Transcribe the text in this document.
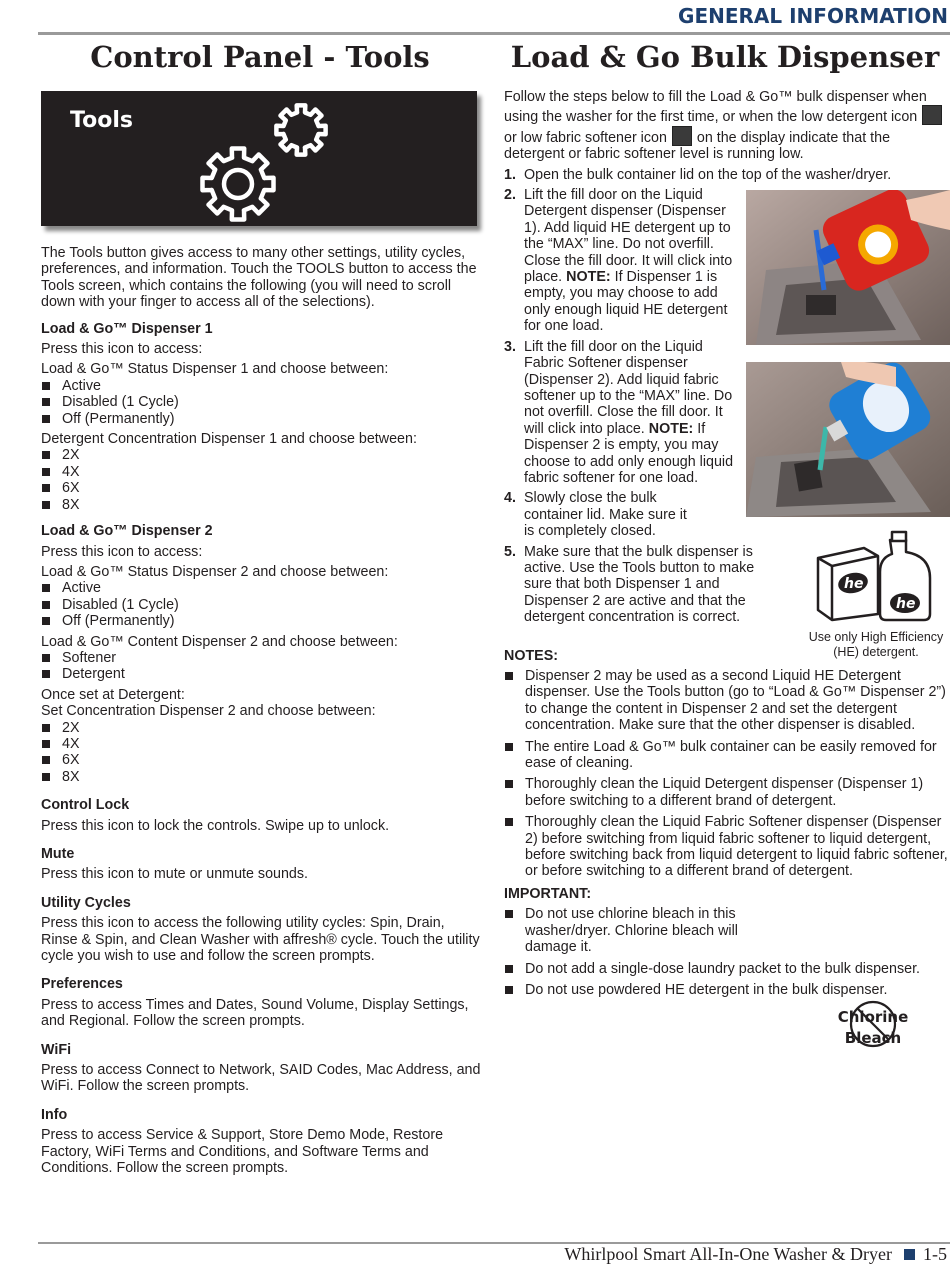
GENERAL INFORMATION
Control Panel - Tools	Load & Go Bulk Dispenser
Tools

The Tools button gives access to many other settings, utility cycles, preferences, and information. Touch the TOOLS button to access the Tools screen, which contains the following (you will need to scroll down with your finger to access all of the selections).

Load & Go™ Dispenser 1

Press this icon to access:

Load & Go™ Status Dispenser 1 and choose between:

Active
Disabled (1 Cycle)
Off (Permanently)

Detergent Concentration Dispenser 1 and choose between:

2X
4X
6X
8X

Load & Go™ Dispenser 2

Press this icon to access:

Load & Go™ Status Dispenser 2 and choose between:

Active
Disabled (1 Cycle)
Off (Permanently)

Load & Go™ Content Dispenser 2 and choose between:

Softener
Detergent

Once set at Detergent:

Set Concentration Dispenser 2 and choose between:

2X
4X
6X
8X

Control Lock

Press this icon to lock the controls. Swipe up to unlock.

Mute

Press this icon to mute or unmute sounds.

Utility Cycles

Press this icon to access the following utility cycles: Spin, Drain, Rinse & Spin, and Clean Washer with affresh® cycle. Touch the utility cycle you wish to use and follow the screen prompts.

Preferences

Press to access Times and Dates, Sound Volume, Display Settings, and Regional. Follow the screen prompts.

WiFi

Press to access Connect to Network, SAID Codes, Mac Address, and WiFi. Follow the screen prompts.

Info

Press to access Service & Support, Store Demo Mode, Restore Factory, WiFi Terms and Conditions, and Software Terms and Conditions. Follow the screen prompts.

Follow the steps below to fill the Load & Go™ bulk dispenser when using the washer for the first time, or when the low detergent icon  or low fabric softener icon on the display indicate that the detergent or fabric softener level is running low.

1. Open the bulk container lid on the top of the washer/dryer.
2. Lift the fill door on the Liquid Detergent dispenser (Dispenser 1). Add liquid HE detergent up to the “MAX” line. Do not overfill. Close the fill door. It will click into place. NOTE: If Dispenser 1 is empty, you may choose to add only enough liquid HE detergent for one load.
3. Lift the fill door on the Liquid Fabric Softener dispenser (Dispenser 2). Add liquid fabric softener up to the “MAX” line. Do not overfill. Close the fill door. It will click into place. NOTE: If Dispenser 2 is empty, you may choose to add only enough liquid fabric softener for one load.
4. Slowly close the bulk container lid. Make sure it is completely closed.
5. Make sure that the bulk dispenser is active. Use the Tools button to make sure that both Dispenser 1 and Dispenser 2 are active and that the detergent concentration is correct.

NOTES:

Dispenser 2 may be used as a second Liquid HE Detergent dispenser. Use the Tools button (go to “Load & Go™ Dispenser 2”) to change the content in Dispenser 2 and set the detergent concentration. Make sure that the other dispenser is disabled.
The entire Load & Go™ bulk container can be easily removed for ease of cleaning.
Thoroughly clean the Liquid Detergent dispenser (Dispenser 1) before switching to a different brand of detergent.
Thoroughly clean the Liquid Fabric Softener dispenser (Dispenser 2) before switching from liquid fabric softener to liquid detergent, before switching back from liquid detergent to liquid fabric softener, or before switching to a different brand of detergent.

IMPORTANT:

Do not use chlorine bleach in this washer/dryer. Chlorine bleach will damage it.
Do not add a single-dose laundry packet to the bulk dispenser.
Do not use powdered HE detergent in the bulk dispenser.
he
he
Use only High Efficiency (HE) detergent.
Chlorine
Bleach
Whirlpool Smart All-In-One Washer & Dryer 1-5
